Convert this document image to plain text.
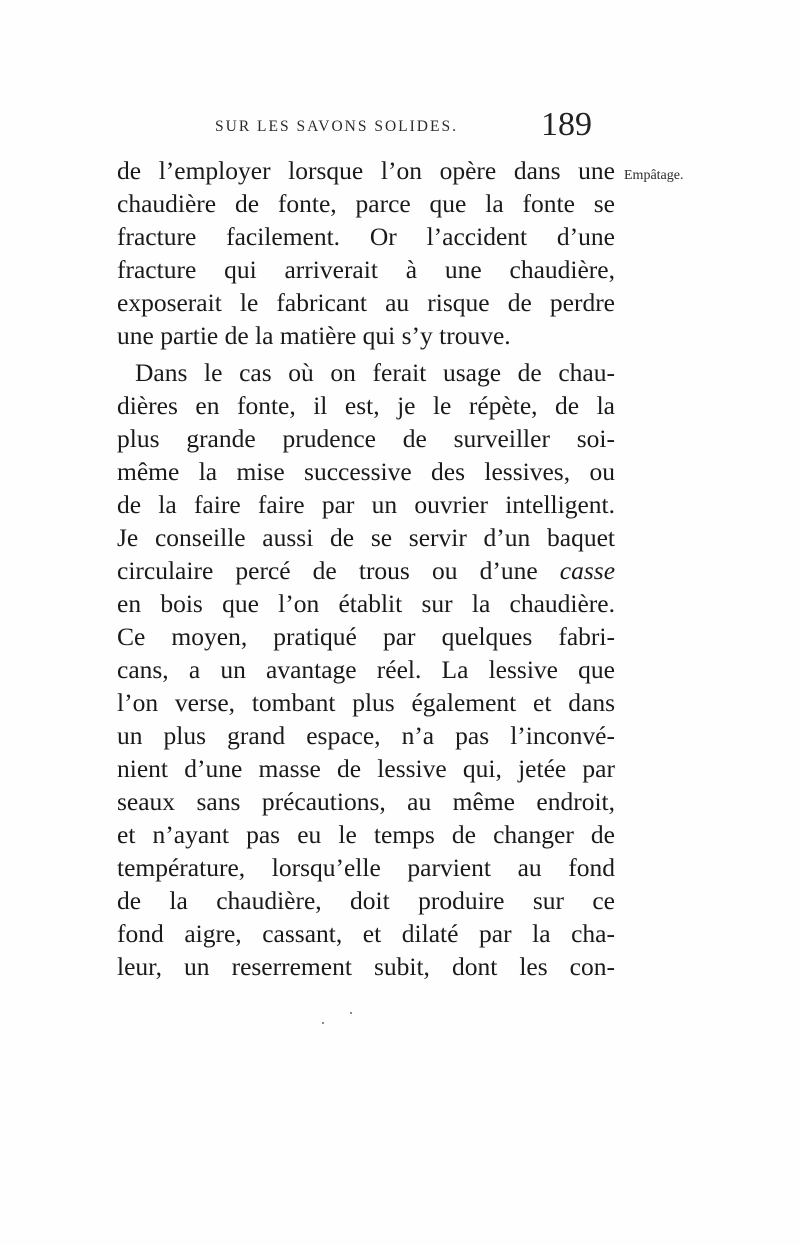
SUR LES SAVONS SOLIDES. 189
Empâtage.
de l’employer lorsque l’on opère dans une
chaudière de fonte, parce que la fonte se
fracture facilement. Or l’accident d’une
fracture qui arriverait à une chaudière,
exposerait le fabricant au risque de perdre
une partie de la matière qui s’y trouve.
Dans le cas où on ferait usage de chau-
dières en fonte, il est, je le répète, de la
plus grande prudence de surveiller soi-
même la mise successive des lessives, ou
de la faire faire par un ouvrier intelligent.
Je conseille aussi de se servir d’un baquet
circulaire percé de trous ou d’une casse
en bois que l’on établit sur la chaudière.
Ce moyen, pratiqué par quelques fabri-
cans, a un avantage réel. La lessive que
l’on verse, tombant plus également et dans
un plus grand espace, n’a pas l’inconvé-
nient d’une masse de lessive qui, jetée par
seaux sans précautions, au même endroit,
et n’ayant pas eu le temps de changer de
température, lorsqu’elle parvient au fond
de la chaudière, doit produire sur ce
fond aigre, cassant, et dilaté par la cha-
leur, un reserrement subit, dont les con-
